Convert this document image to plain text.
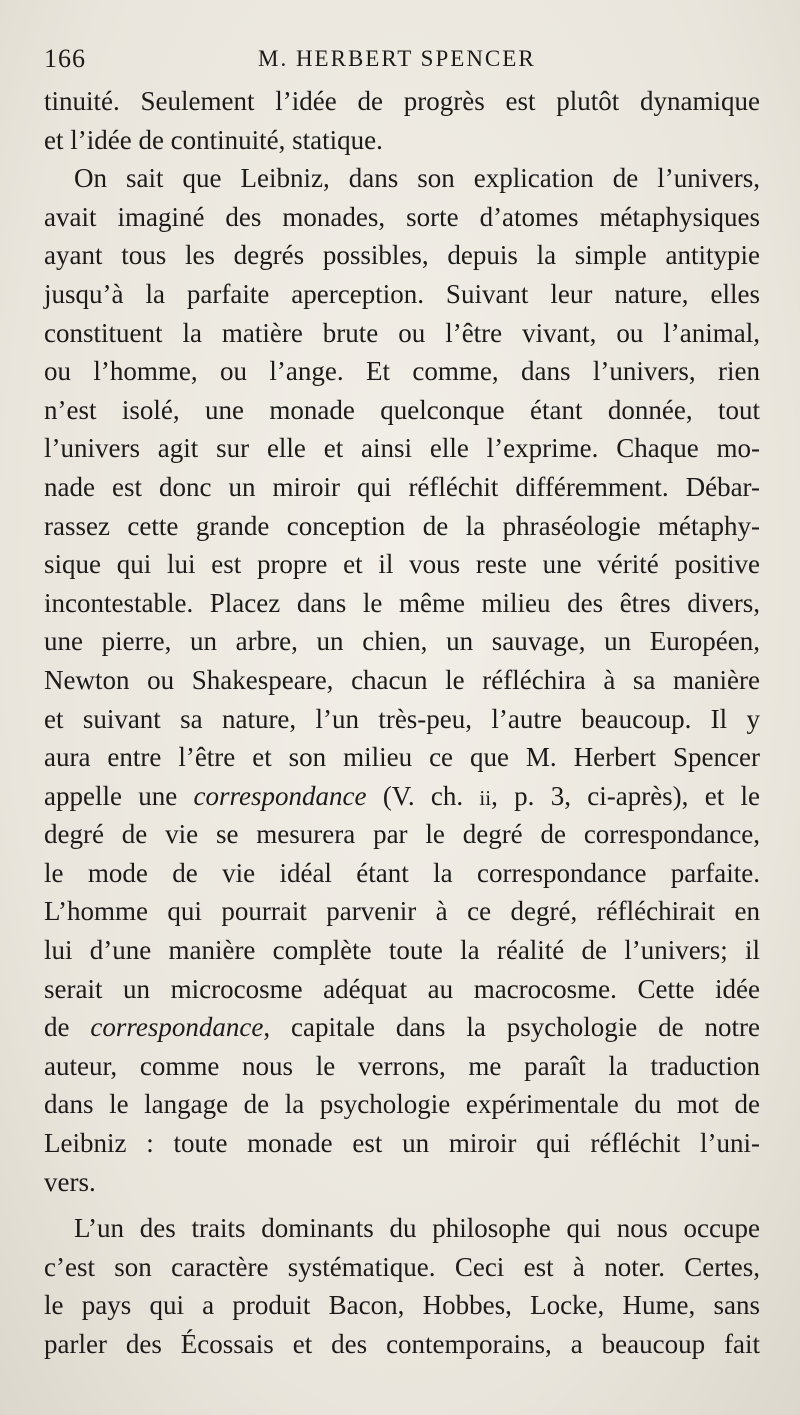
166	M. HERBERT SPENCER
tinuité. Seulement l’idée de progrès est plutôt dynamique
et l’idée de continuité, statique.
On sait que Leibniz, dans son explication de l’univers,
avait imaginé des monades, sorte d’atomes métaphysiques
ayant tous les degrés possibles, depuis la simple antitypie
jusqu’à la parfaite aperception. Suivant leur nature, elles
constituent la matière brute ou l’être vivant, ou l’animal,
ou l’homme, ou l’ange. Et comme, dans l’univers, rien
n’est isolé, une monade quelconque étant donnée, tout
l’univers agit sur elle et ainsi elle l’exprime. Chaque mo-
nade est donc un miroir qui réfléchit différemment. Débar-
rassez cette grande conception de la phraséologie métaphy-
sique qui lui est propre et il vous reste une vérité positive
incontestable. Placez dans le même milieu des êtres divers,
une pierre, un arbre, un chien, un sauvage, un Européen,
Newton ou Shakespeare, chacun le réfléchira à sa manière
et suivant sa nature, l’un très-peu, l’autre beaucoup. Il y
aura entre l’être et son milieu ce que M. Herbert Spencer
appelle une correspondance (V. ch. ii, p. 3, ci-après), et le
degré de vie se mesurera par le degré de correspondance,
le mode de vie idéal étant la correspondance parfaite.
L’homme qui pourrait parvenir à ce degré, réfléchirait en
lui d’une manière complète toute la réalité de l’univers; il
serait un microcosme adéquat au macrocosme. Cette idée
de correspondance, capitale dans la psychologie de notre
auteur, comme nous le verrons, me paraît la traduction
dans le langage de la psychologie expérimentale du mot de
Leibniz : toute monade est un miroir qui réfléchit l’uni-
vers.
L’un des traits dominants du philosophe qui nous occupe
c’est son caractère systématique. Ceci est à noter. Certes,
le pays qui a produit Bacon, Hobbes, Locke, Hume, sans
parler des Écossais et des contemporains, a beaucoup fait
